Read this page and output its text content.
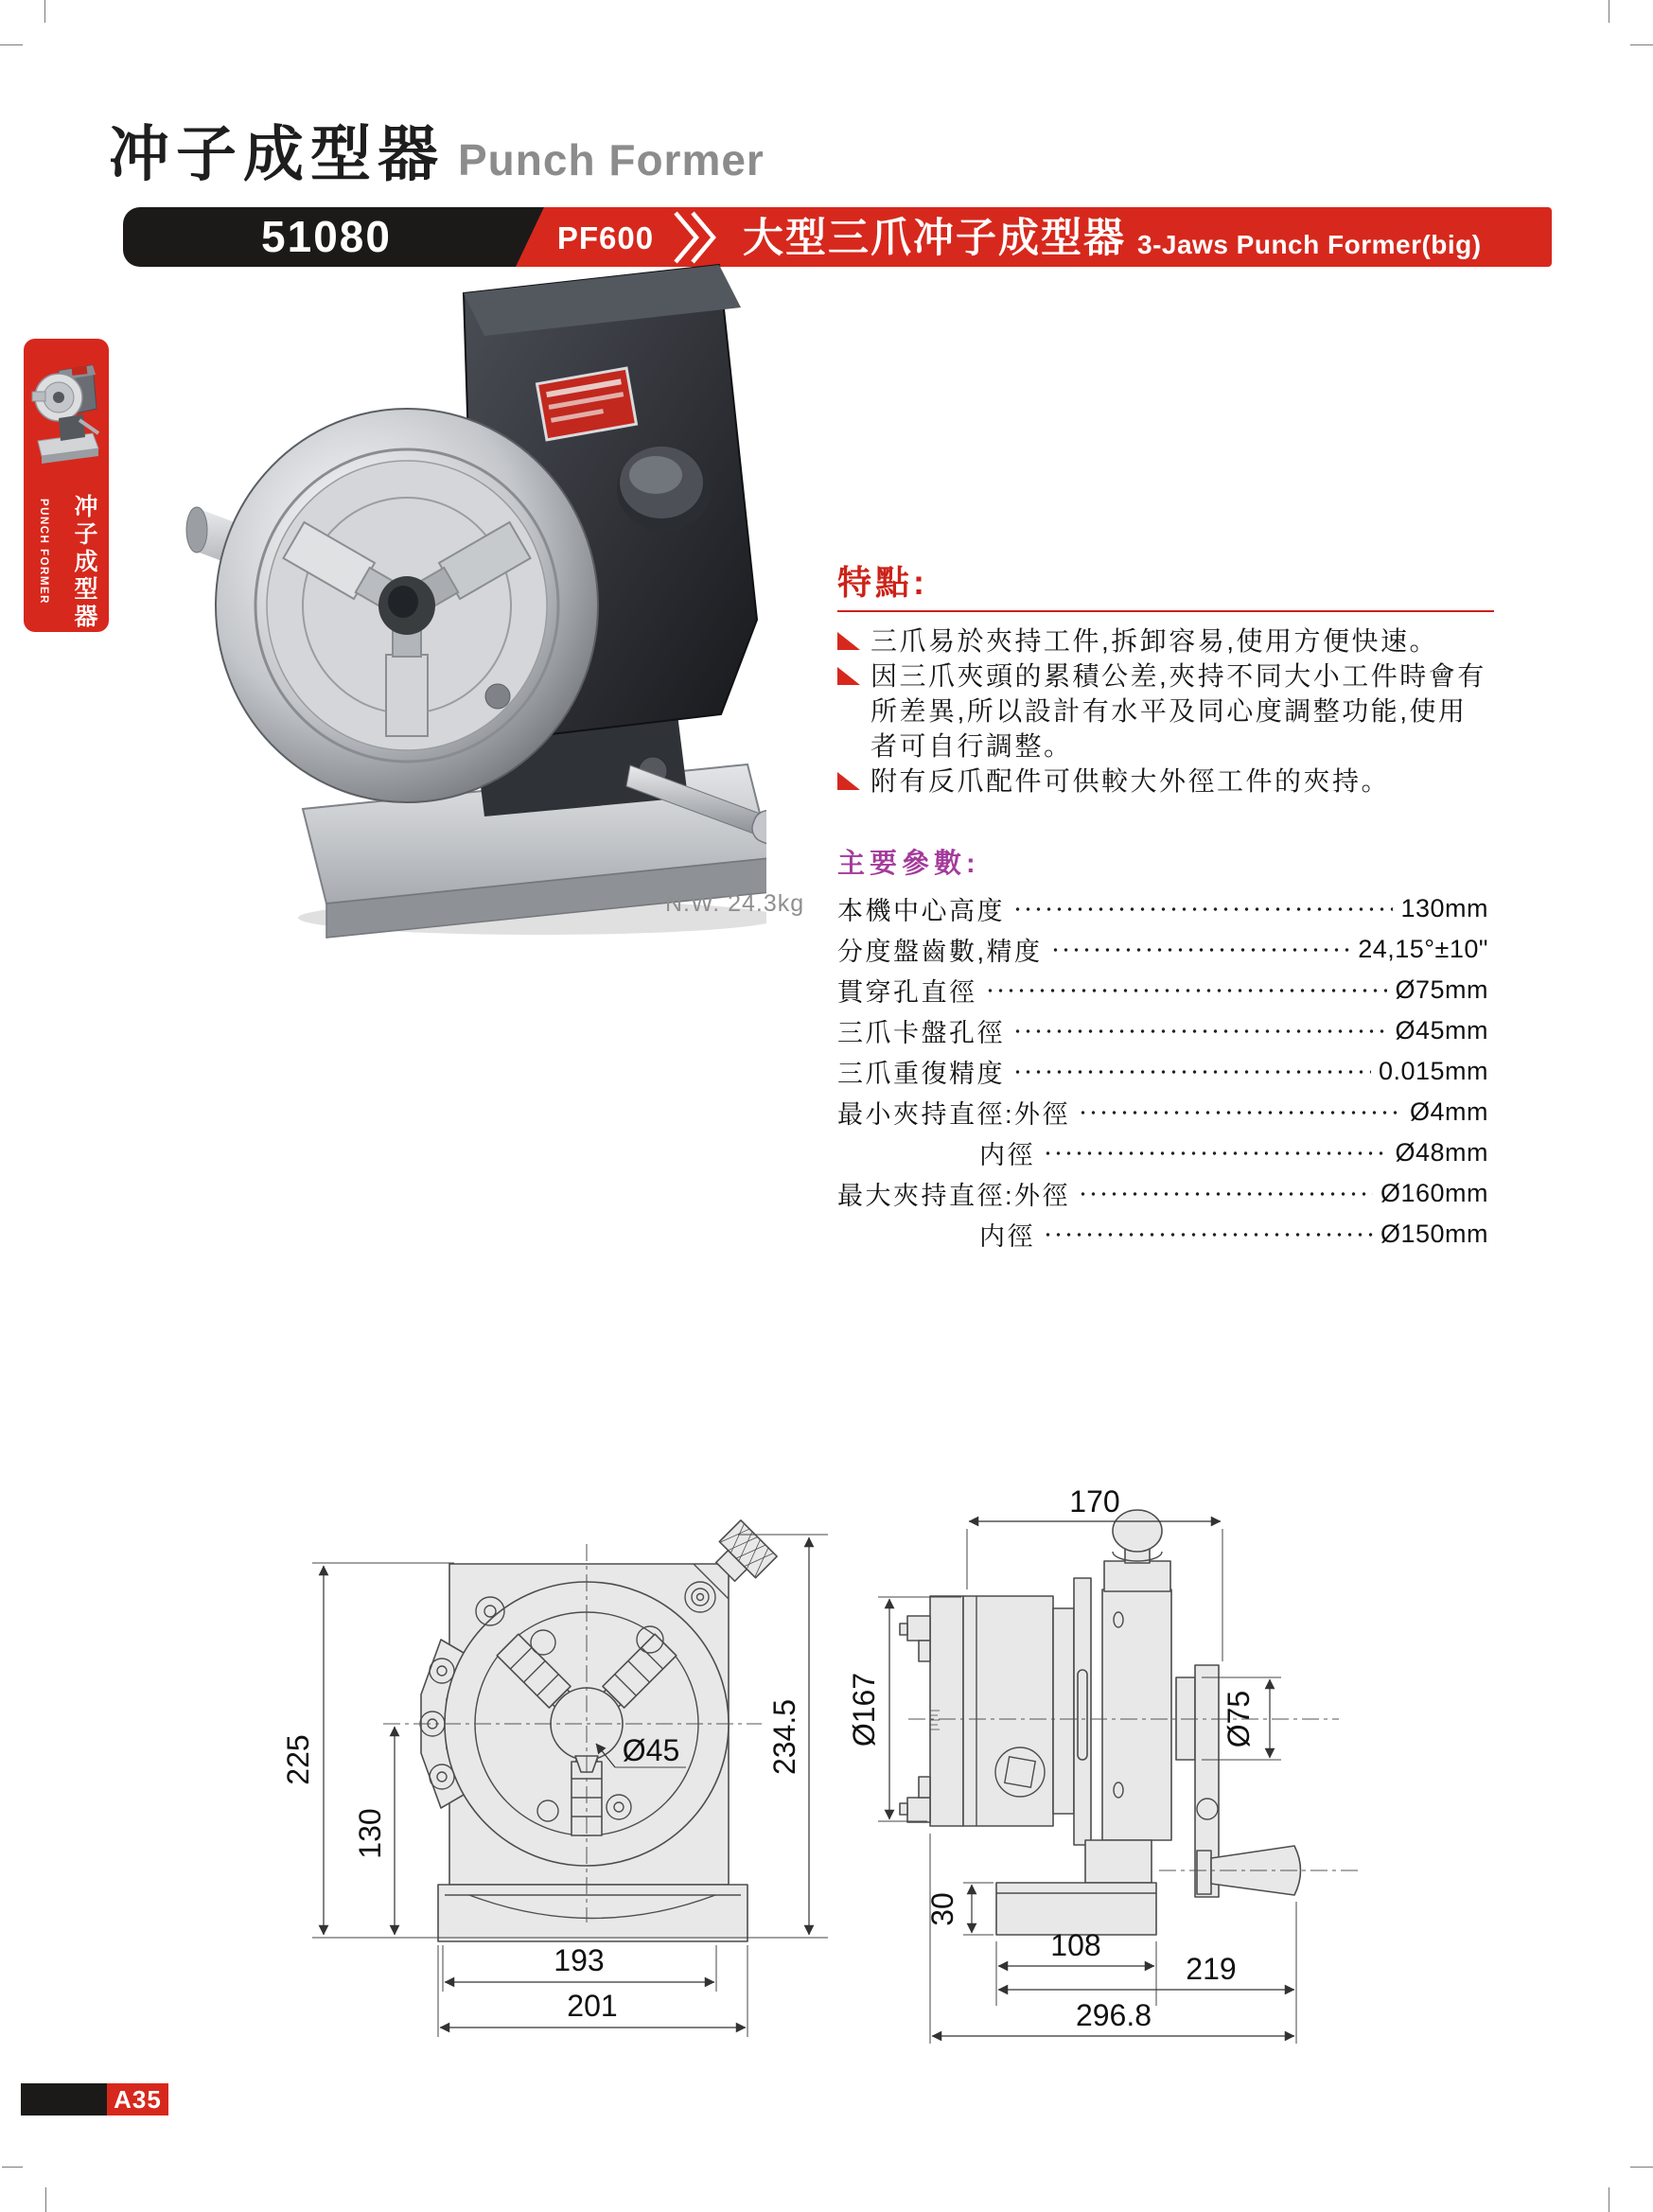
冲子成型器 Punch Former
51080	PF600	大型三爪冲子成型器 3-Jaws Punch Former(big)
冲子成型器
PUNCH FORMER
N.W. 24.3kg
特點:
三爪易於夾持工件,拆卸容易,使用方便快速。
因三爪夾頭的累積公差,夾持不同大小工件時會有所差異,所以設計有水平及同心度調整功能,使用者可自行調整。
附有反爪配件可供較大外徑工件的夾持。
主要參數:
本機中心高度	130mm
分度盤齒數,精度	24,15°±10"
貫穿孔直徑	Ø75mm
三爪卡盤孔徑	Ø45mm
三爪重復精度	0.015mm
最小夾持直徑:外徑	Ø4mm
内徑	Ø48mm
最大夾持直徑:外徑	Ø160mm
内徑	Ø150mm
225
130
234.5
Ø45
193
201
170
Ø167	Ø75
30
108
219
296.8
A35
